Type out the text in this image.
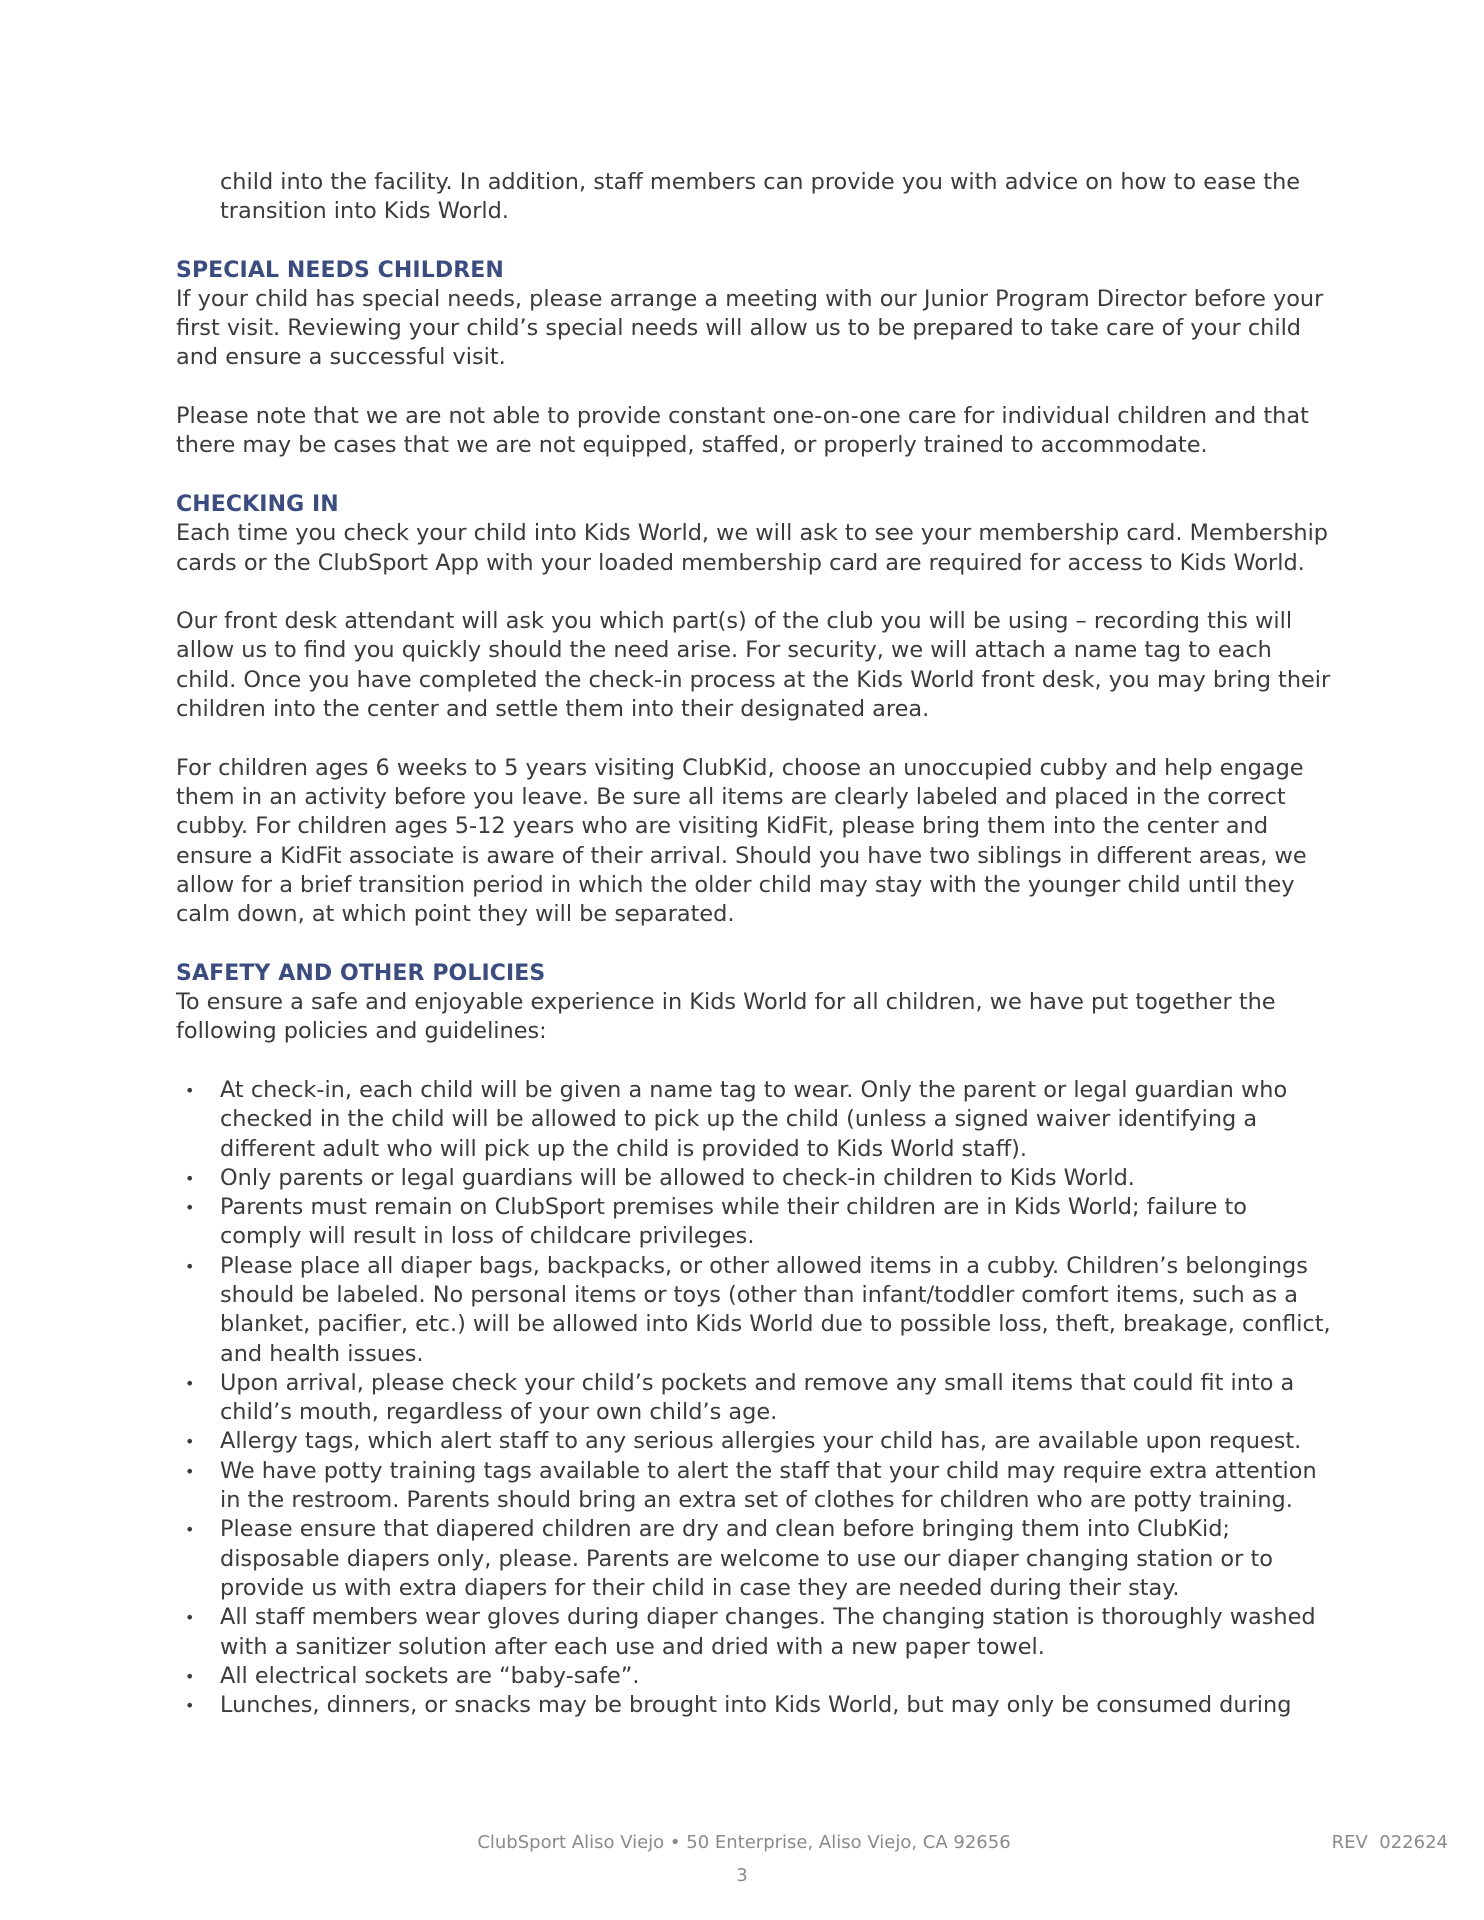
child into the facility. In addition, staff members can provide you with advice on how to ease the transition into Kids World.

SPECIAL NEEDS CHILDREN

If your child has special needs, please arrange a meeting with our Junior Program Director before your first visit. Reviewing your child’s special needs will allow us to be prepared to take care of your child and ensure a successful visit.

Please note that we are not able to provide constant one-on-one care for individual children and that there may be cases that we are not equipped, staffed, or properly trained to accommodate.

CHECKING IN

Each time you check your child into Kids World, we will ask to see your membership card. Membership cards or the ClubSport App with your loaded membership card are required for access to Kids World.

Our front desk attendant will ask you which part(s) of the club you will be using – recording this will allow us to find you quickly should the need arise. For security, we will attach a name tag to each child. Once you have completed the check-in process at the Kids World front desk, you may bring their children into the center and settle them into their designated area.

For children ages 6 weeks to 5 years visiting ClubKid, choose an unoccupied cubby and help engage them in an activity before you leave. Be sure all items are clearly labeled and placed in the correct cubby. For children ages 5-12 years who are visiting KidFit, please bring them into the center and ensure a KidFit associate is aware of their arrival. Should you have two siblings in different areas, we allow for a brief transition period in which the older child may stay with the younger child until they calm down, at which point they will be separated.

SAFETY AND OTHER POLICIES

To ensure a safe and enjoyable experience in Kids World for all children, we have put together the following policies and guidelines:

• At check-in, each child will be given a name tag to wear. Only the parent or legal guardian who checked in the child will be allowed to pick up the child (unless a signed waiver identifying a different adult who will pick up the child is provided to Kids World staff).
• Only parents or legal guardians will be allowed to check-in children to Kids World.
• Parents must remain on ClubSport premises while their children are in Kids World; failure to comply will result in loss of childcare privileges.
• Please place all diaper bags, backpacks, or other allowed items in a cubby. Children’s belongings should be labeled. No personal items or toys (other than infant/toddler comfort items, such as a blanket, pacifier, etc.) will be allowed into Kids World due to possible loss, theft, breakage, conflict, and health issues.
• Upon arrival, please check your child’s pockets and remove any small items that could fit into a child’s mouth, regardless of your own child’s age.
• Allergy tags, which alert staff to any serious allergies your child has, are available upon request.
• We have potty training tags available to alert the staff that your child may require extra attention in the restroom. Parents should bring an extra set of clothes for children who are potty training.
• Please ensure that diapered children are dry and clean before bringing them into ClubKid; disposable diapers only, please. Parents are welcome to use our diaper changing station or to provide us with extra diapers for their child in case they are needed during their stay.
• All staff members wear gloves during diaper changes. The changing station is thoroughly washed with a sanitizer solution after each use and dried with a new paper towel.
• All electrical sockets are “baby-safe”.
• Lunches, dinners, or snacks may be brought into Kids World, but may only be consumed during
ClubSport Aliso Viejo • 50 Enterprise, Aliso Viejo, CA 92656	REV  022624
3
